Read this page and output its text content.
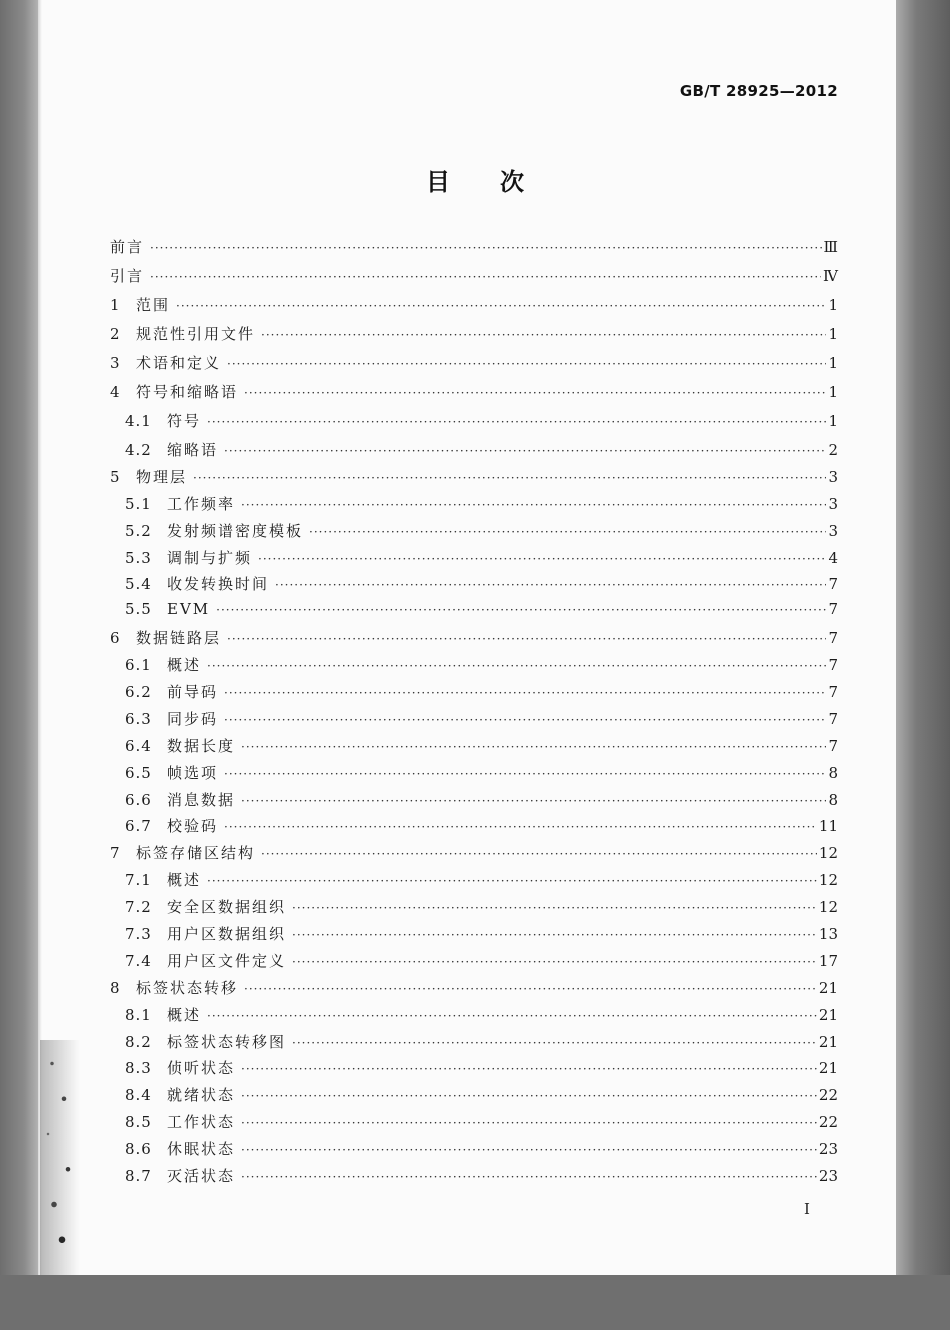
GB/T 28925—2012
目次
前言 ·····	Ⅲ
引言 ·····	Ⅳ
1	范围 ·····	1
2	规范性引用文件 ·····	1
3	术语和定义 ·····	1
4	符号和缩略语 ·····	1
4.1	符号 ·····	1
4.2	缩略语 ·····	2
5	物理层 ·····	3
5.1	工作频率 ·····	3
5.2	发射频谱密度模板 ·····	3
5.3	调制与扩频 ·····	4
5.4	收发转换时间 ·····	7
5.5	EVM ·····	7
6	数据链路层 ·····	7
6.1	概述 ·····	7
6.2	前导码 ·····	7
6.3	同步码 ·····	7
6.4	数据长度 ·····	7
6.5	帧选项 ·····	8
6.6	消息数据 ·····	8
6.7	校验码 ·····	11
7	标签存储区结构 ·····	12
7.1	概述 ·····	12
7.2	安全区数据组织 ·····	12
7.3	用户区数据组织 ·····	13
7.4	用户区文件定义 ·····	17
8	标签状态转移 ·····	21
8.1	概述 ·····	21
8.2	标签状态转移图 ·····	21
8.3	侦听状态 ·····	21
8.4	就绪状态 ·····	22
8.5	工作状态 ·····	22
8.6	休眠状态 ·····	23
8.7	灭活状态 ·····	23
I
